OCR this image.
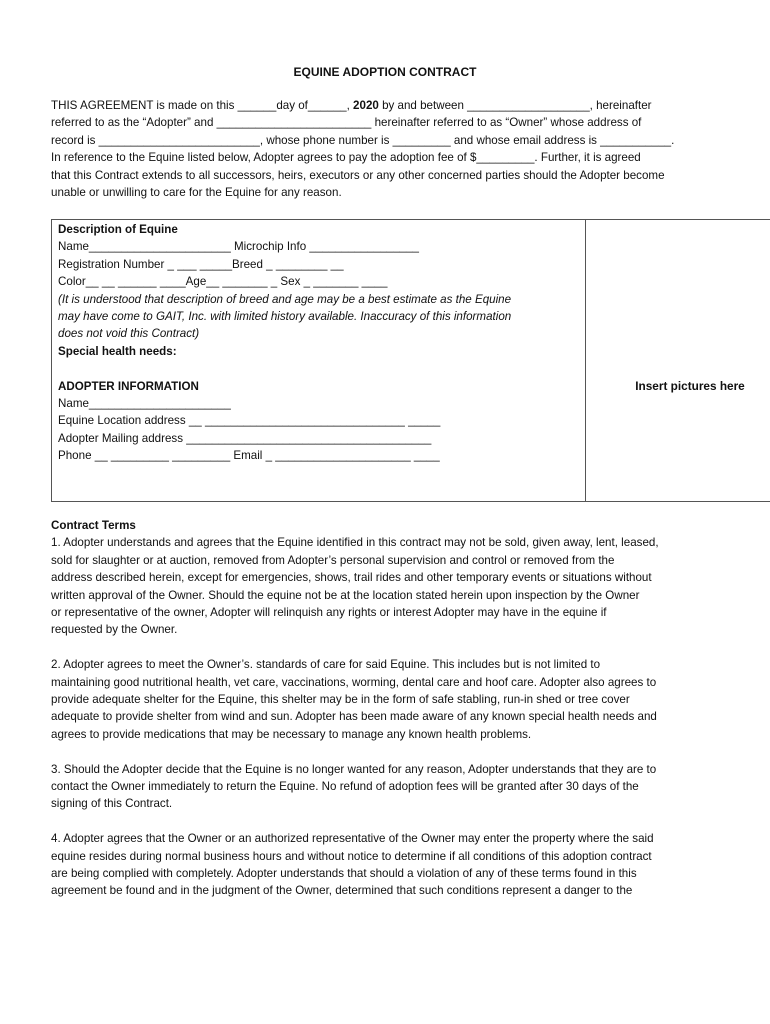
EQUINE ADOPTION CONTRACT

THIS AGREEMENT is made on this ______day of______, 2020 by and between ___________________, hereinafter

referred to as the “Adopter” and ________________________ hereinafter referred to as “Owner” whose address of

record is _________________________, whose phone number is _________ and whose email address is ___________.

In reference to the Equine listed below, Adopter agrees to pay the adoption fee of $_________. Further, it is agreed

that this Contract extends to all successors, heirs, executors or any other concerned parties should the Adopter become

unable or unwilling to care for the Equine for any reason.

Description of Equine

Name______________________ Microchip Info _________________

Registration Number _ ___ _____Breed _ ________ __

Color__ __ ______ ____Age__ _______ _ Sex _ _______ ____

(It is understood that description of breed and age may be a best estimate as the Equine

may have come to GAIT, Inc. with limited history available. Inaccuracy of this information

does not void this Contract)

Special health needs:

ADOPTER INFORMATION

Name______________________

Equine Location address __ _______________________________ _____

Adopter Mailing address ______________________________________

Phone __ _________ _________ Email _ _____________________ ____

Insert pictures here

Contract Terms

1. Adopter understands and agrees that the Equine identified in this contract may not be sold, given away, lent, leased,

sold for slaughter or at auction, removed from Adopter’s personal supervision and control or removed from the

address described herein, except for emergencies, shows, trail rides and other temporary events or situations without

written approval of the Owner. Should the equine not be at the location stated herein upon inspection by the Owner

or representative of the owner, Adopter will relinquish any rights or interest Adopter may have in the equine if

requested by the Owner.

2. Adopter agrees to meet the Owner’s. standards of care for said Equine. This includes but is not limited to

maintaining good nutritional health, vet care, vaccinations, worming, dental care and hoof care. Adopter also agrees to

provide adequate shelter for the Equine, this shelter may be in the form of safe stabling, run-in shed or tree cover

adequate to provide shelter from wind and sun. Adopter has been made aware of any known special health needs and

agrees to provide medications that may be necessary to manage any known health problems.

3. Should the Adopter decide that the Equine is no longer wanted for any reason, Adopter understands that they are to

contact the Owner immediately to return the Equine. No refund of adoption fees will be granted after 30 days of the

signing of this Contract.

4. Adopter agrees that the Owner or an authorized representative of the Owner may enter the property where the said

equine resides during normal business hours and without notice to determine if all conditions of this adoption contract

are being complied with completely. Adopter understands that should a violation of any of these terms found in this

agreement be found and in the judgment of the Owner, determined that such conditions represent a danger to the
